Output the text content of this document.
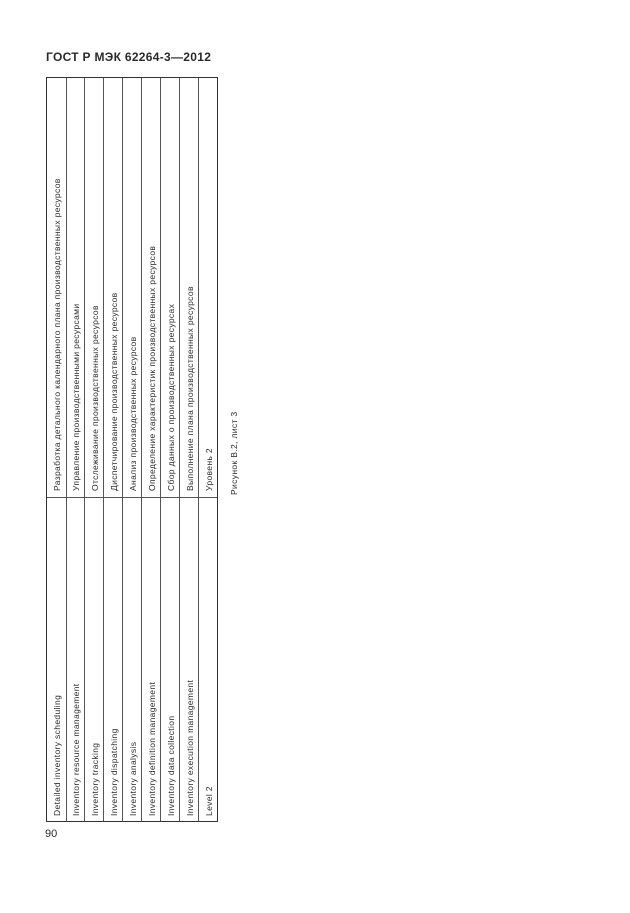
ГОСТ Р МЭК 62264-3—2012
Detailed inventory scheduling Inventory resource management Inventory tracking Inventory dispatching Inventory analysis Inventory definition management Inventory data collection Inventory execution management Level 2
Разработка детального календарного плана производственных ресурсов Управление производственными ресурсами Отслеживание производственных ресурсов Диспетчирование производственных ресурсов Анализ производственных ресурсов Определение характеристик производственных ресурсов Сбор данных о производственных ресурсах Выполнение плана производственных ресурсов Уровень 2 Рисунок В.2, лист 3
90
